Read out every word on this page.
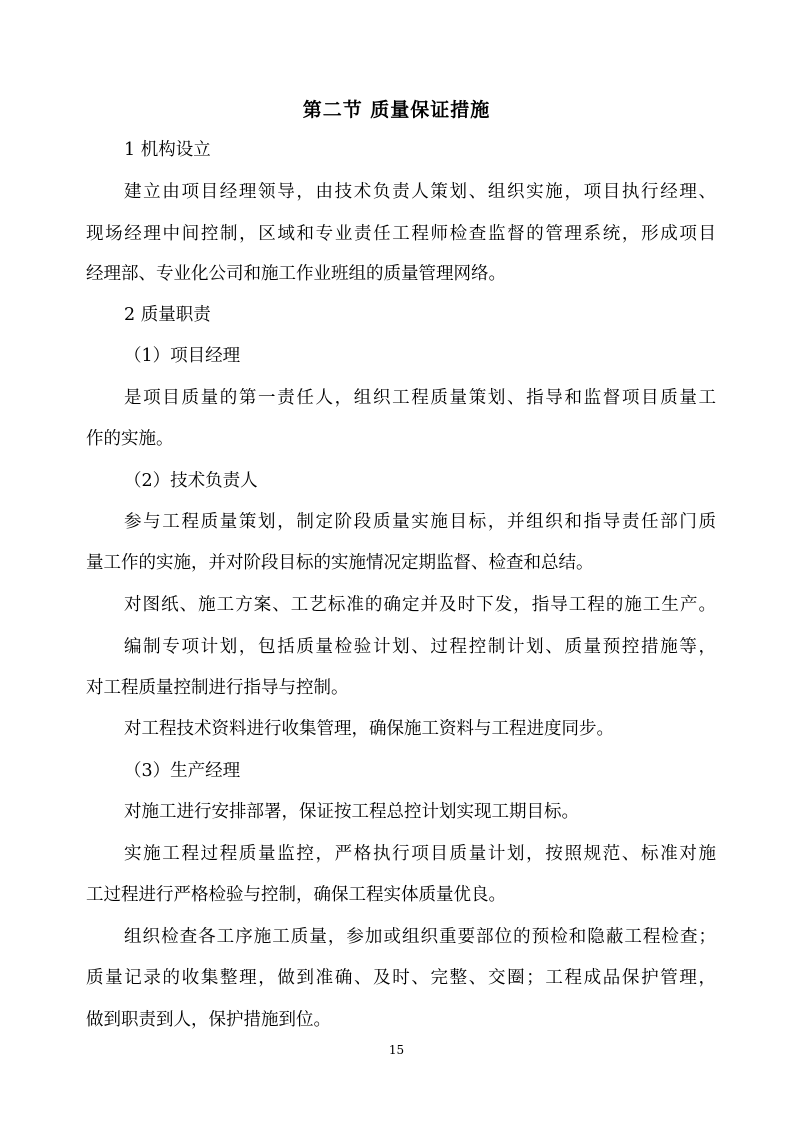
第二节 质量保证措施
1 机构设立
建立由项目经理领导，由技术负责人策划、组织实施，项目执行经理、
现场经理中间控制，区域和专业责任工程师检查监督的管理系统，形成项目
经理部、专业化公司和施工作业班组的质量管理网络。
2 质量职责
（1）项目经理
是项目质量的第一责任人，组织工程质量策划、指导和监督项目质量工
作的实施。
（2）技术负责人
参与工程质量策划，制定阶段质量实施目标，并组织和指导责任部门质
量工作的实施，并对阶段目标的实施情况定期监督、检查和总结。
对图纸、施工方案、工艺标准的确定并及时下发，指导工程的施工生产。
编制专项计划，包括质量检验计划、过程控制计划、质量预控措施等，
对工程质量控制进行指导与控制。
对工程技术资料进行收集管理，确保施工资料与工程进度同步。
（3）生产经理
对施工进行安排部署，保证按工程总控计划实现工期目标。
实施工程过程质量监控，严格执行项目质量计划，按照规范、标准对施
工过程进行严格检验与控制，确保工程实体质量优良。
组织检查各工序施工质量，参加或组织重要部位的预检和隐蔽工程检查；
质量记录的收集整理，做到准确、及时、完整、交圈；工程成品保护管理，
做到职责到人，保护措施到位。
15
